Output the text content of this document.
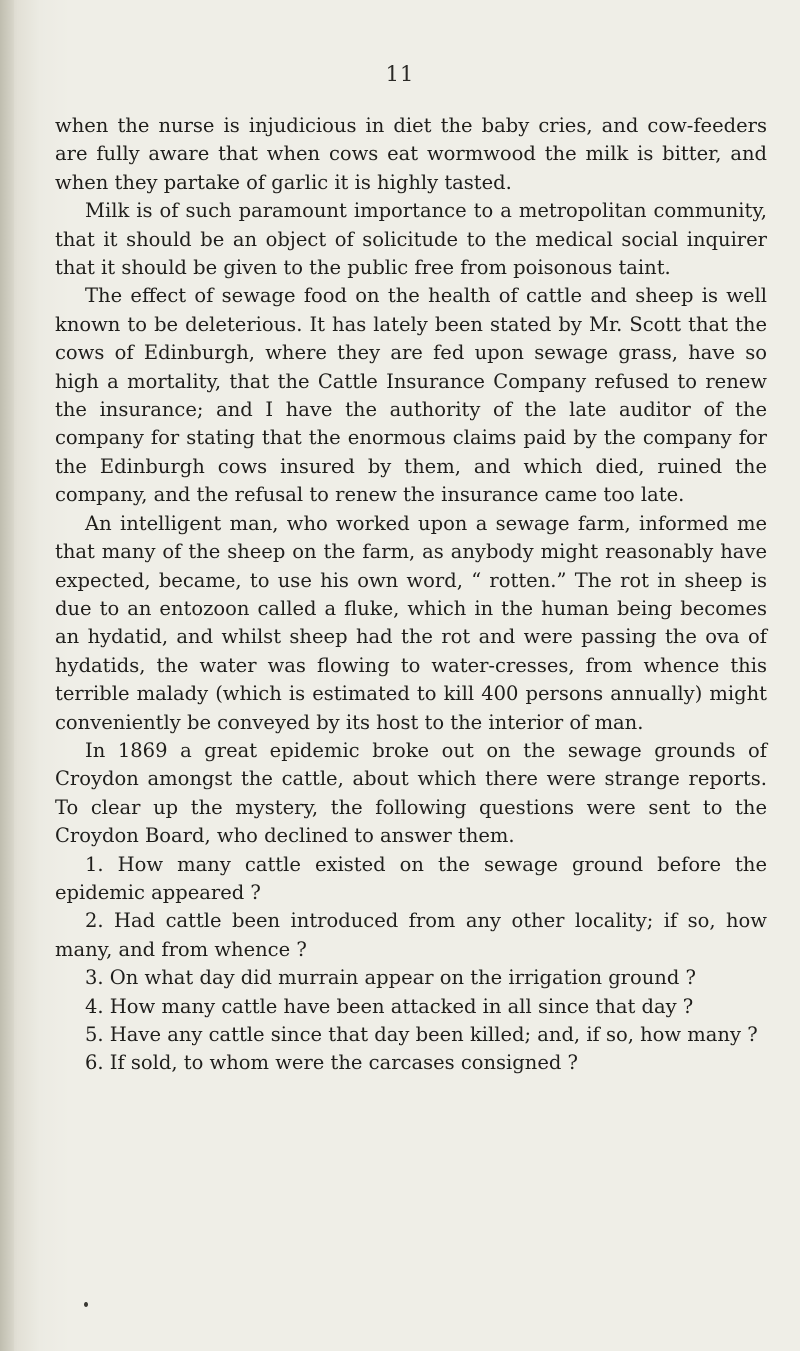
11

when the nurse is injudicious in diet the baby cries, and cow-feeders are fully aware that when cows eat wormwood the milk is bitter, and when they partake of garlic it is highly tasted.

Milk is of such paramount importance to a metropolitan community, that it should be an object of solicitude to the medical social inquirer that it should be given to the public free from poisonous taint.

The effect of sewage food on the health of cattle and sheep is well known to be deleterious. It has lately been stated by Mr. Scott that the cows of Edinburgh, where they are fed upon sewage grass, have so high a mortality, that the Cattle Insurance Company refused to renew the insurance; and I have the authority of the late auditor of the company for stating that the enormous claims paid by the company for the Edinburgh cows insured by them, and which died, ruined the company, and the refusal to renew the insurance came too late.

An intelligent man, who worked upon a sewage farm, informed me that many of the sheep on the farm, as anybody might reasonably have expected, became, to use his own word, “ rotten.” The rot in sheep is due to an entozoon called a fluke, which in the human being becomes an hydatid, and whilst sheep had the rot and were passing the ova of hydatids, the water was flowing to water-cresses, from whence this terrible malady (which is estimated to kill 400 persons annually) might conveniently be conveyed by its host to the interior of man.

In 1869 a great epidemic broke out on the sewage grounds of Croydon amongst the cattle, about which there were strange reports. To clear up the mystery, the following questions were sent to the Croydon Board, who declined to answer them.

1. How many cattle existed on the sewage ground before the epidemic appeared ?

2. Had cattle been introduced from any other locality; if so, how many, and from whence ?

3. On what day did murrain appear on the irrigation ground ?

4. How many cattle have been attacked in all since that day ?

5. Have any cattle since that day been killed; and, if so, how many ?

6. If sold, to whom were the carcases consigned ?
